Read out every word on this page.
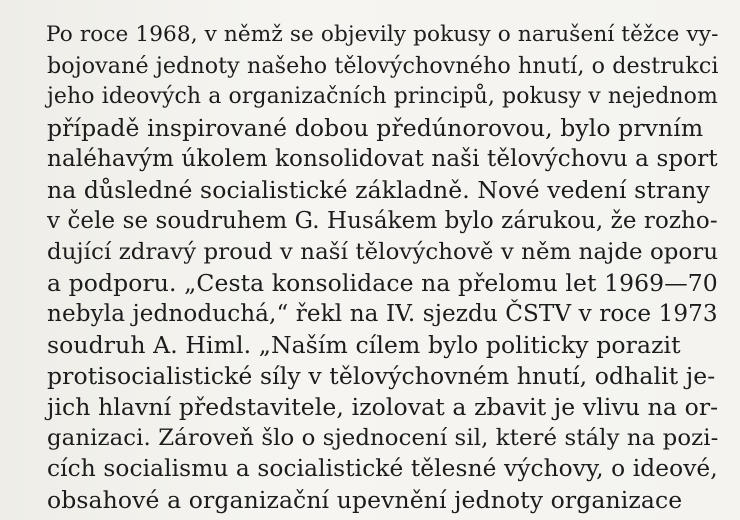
Po roce 1968, v němž se objevily pokusy o narušení těžce vy-
bojované jednoty našeho tělovýchovného hnutí, o destrukci
jeho ideových a organizačních principů, pokusy v nejednom
případě inspirované dobou předúnorovou, bylo prvním
naléhavým úkolem konsolidovat naši tělovýchovu a sport
na důsledné socialistické základně. Nové vedení strany
v čele se soudruhem G. Husákem bylo zárukou, že rozho-
dující zdravý proud v naší tělovýchově v něm najde oporu
a podporu. „Cesta konsolidace na přelomu let 1969—70
nebyla jednoduchá,“ řekl na IV. sjezdu ČSTV v roce 1973
soudruh A. Himl. „Naším cílem bylo politicky porazit
protisocialistické síly v tělovýchovném hnutí, odhalit je-
jich hlavní představitele, izolovat a zbavit je vlivu na or-
ganizaci. Zároveň šlo o sjednocení sil, které stály na pozi-
cích socialismu a socialistické tělesné výchovy, o ideové,
obsahové a organizační upevnění jednoty organizace
